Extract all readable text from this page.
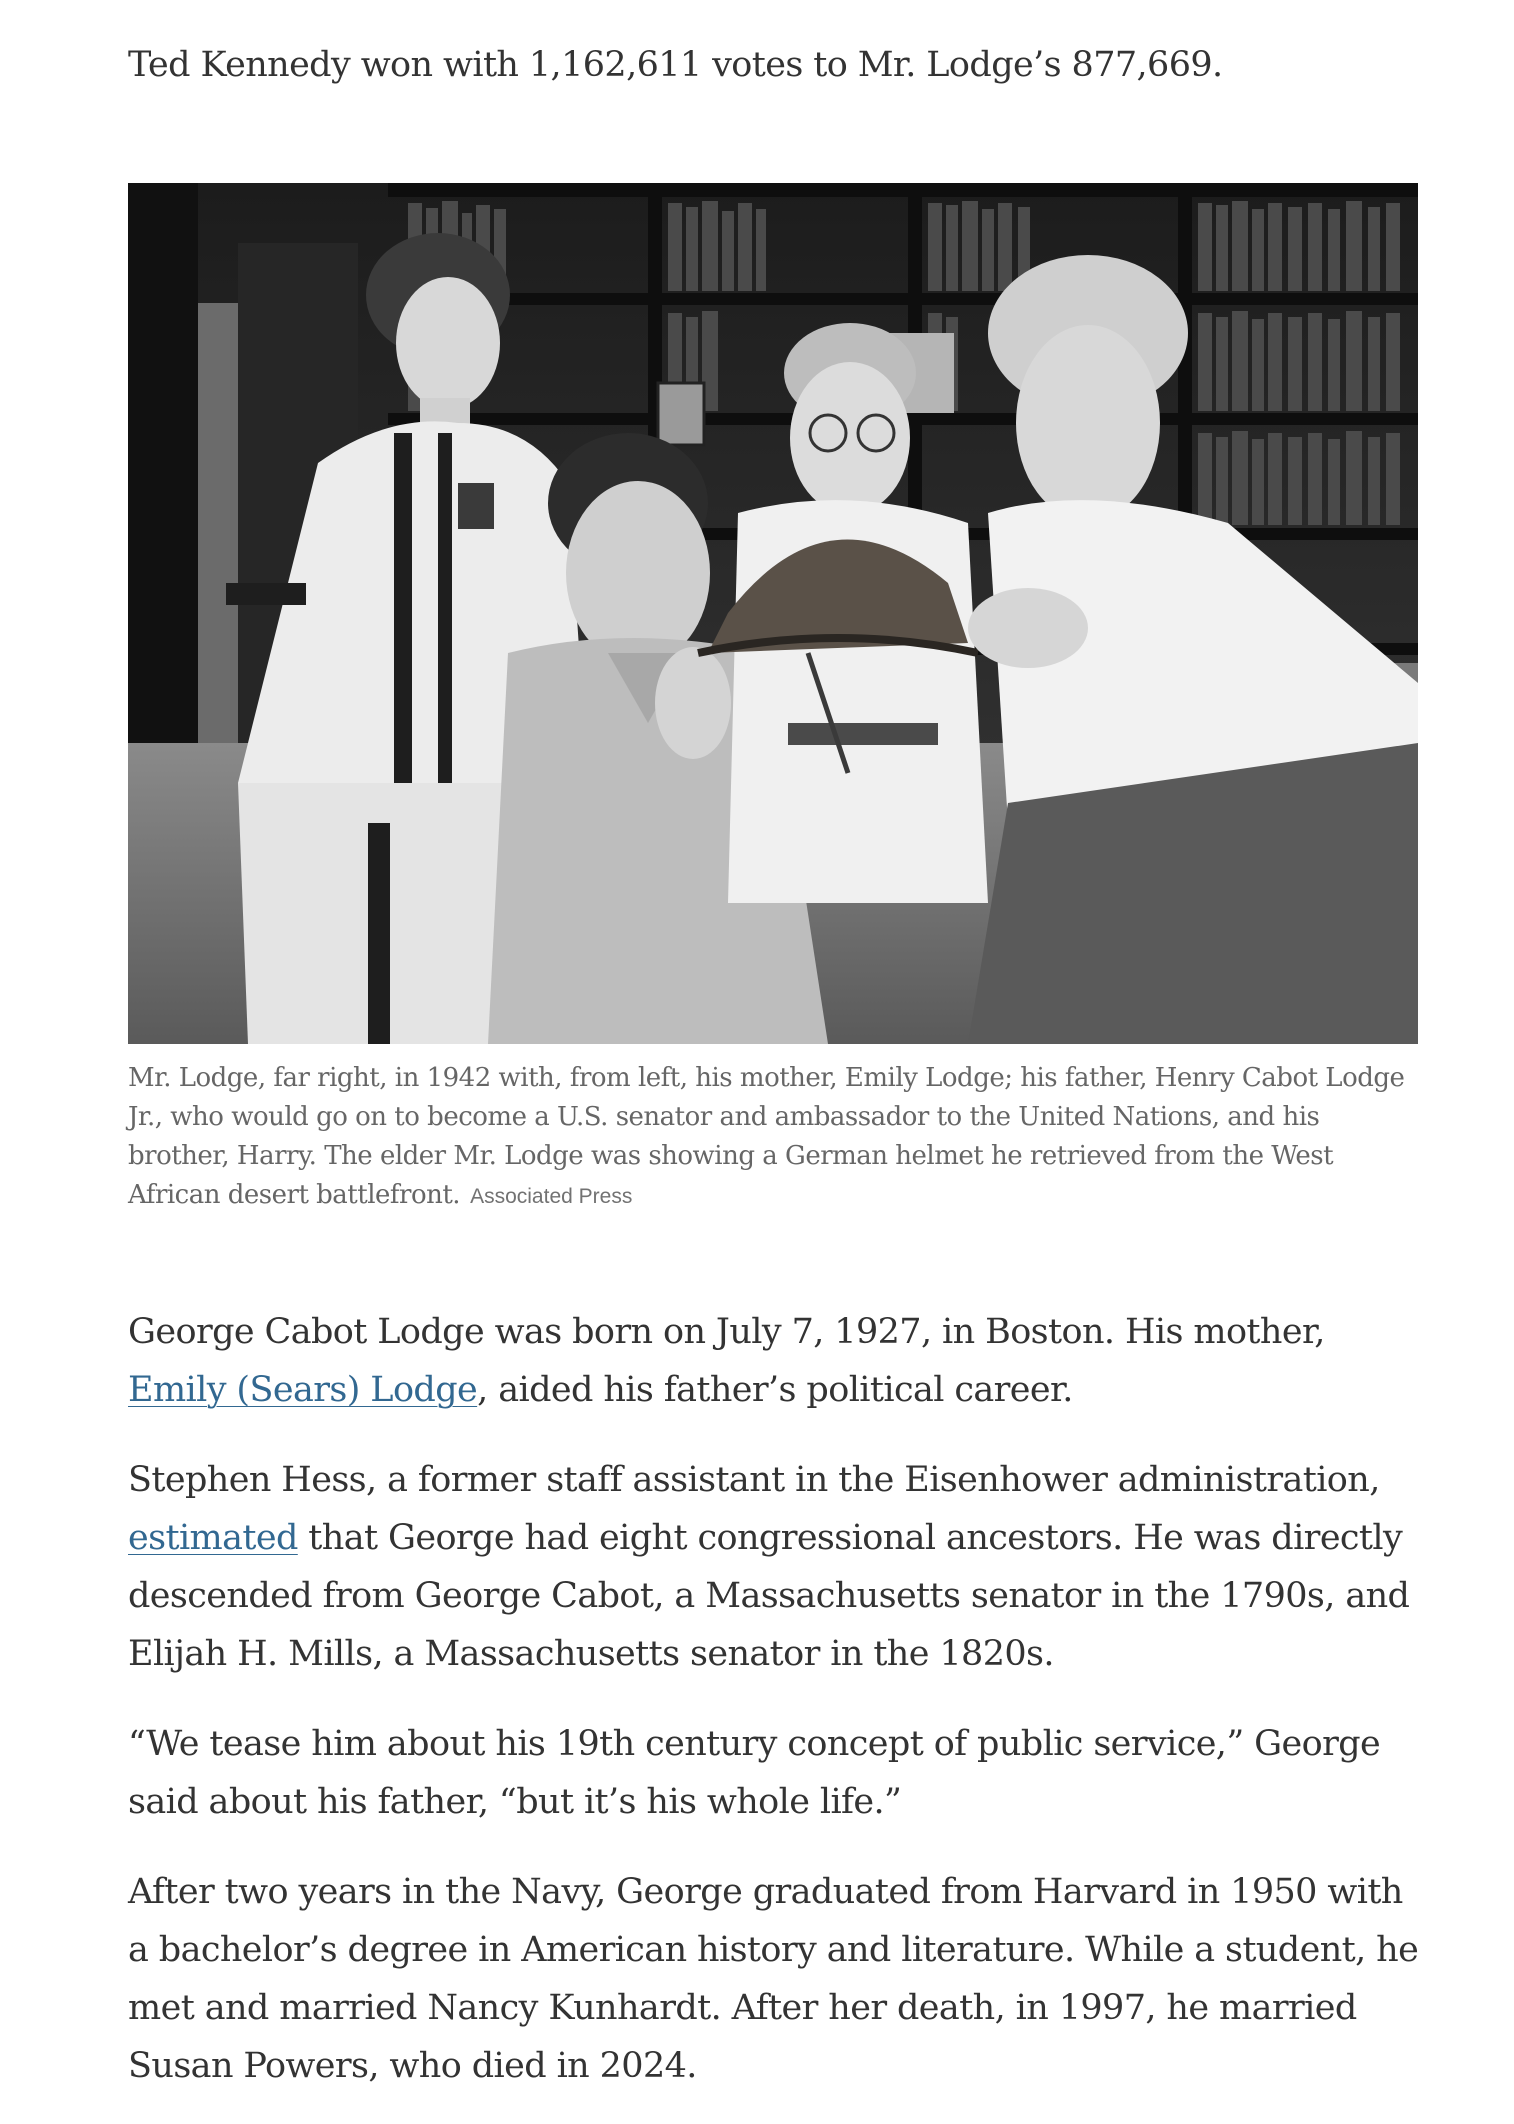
Ted Kennedy won with 1,162,611 votes to Mr. Lodge’s 877,669.

Mr. Lodge, far right, in 1942 with, from left, his mother, Emily Lodge; his father, Henry Cabot Lodge Jr., who would go on to become a U.S. senator and ambassador to the United Nations, and his brother, Harry. The elder Mr. Lodge was showing a German helmet he retrieved from the West African desert battlefront. Associated Press

George Cabot Lodge was born on July 7, 1927, in Boston. His mother, Emily (Sears) Lodge, aided his father’s political career.

Stephen Hess, a former staff assistant in the Eisenhower administration, estimated that George had eight congressional ancestors. He was directly descended from George Cabot, a Massachusetts senator in the 1790s, and Elijah H. Mills, a Massachusetts senator in the 1820s.

“We tease him about his 19th century concept of public service,” George said about his father, “but it’s his whole life.”

After two years in the Navy, George graduated from Harvard in 1950 with a bachelor’s degree in American history and literature. While a student, he met and married Nancy Kunhardt. After her death, in 1997, he married Susan Powers, who died in 2024.
